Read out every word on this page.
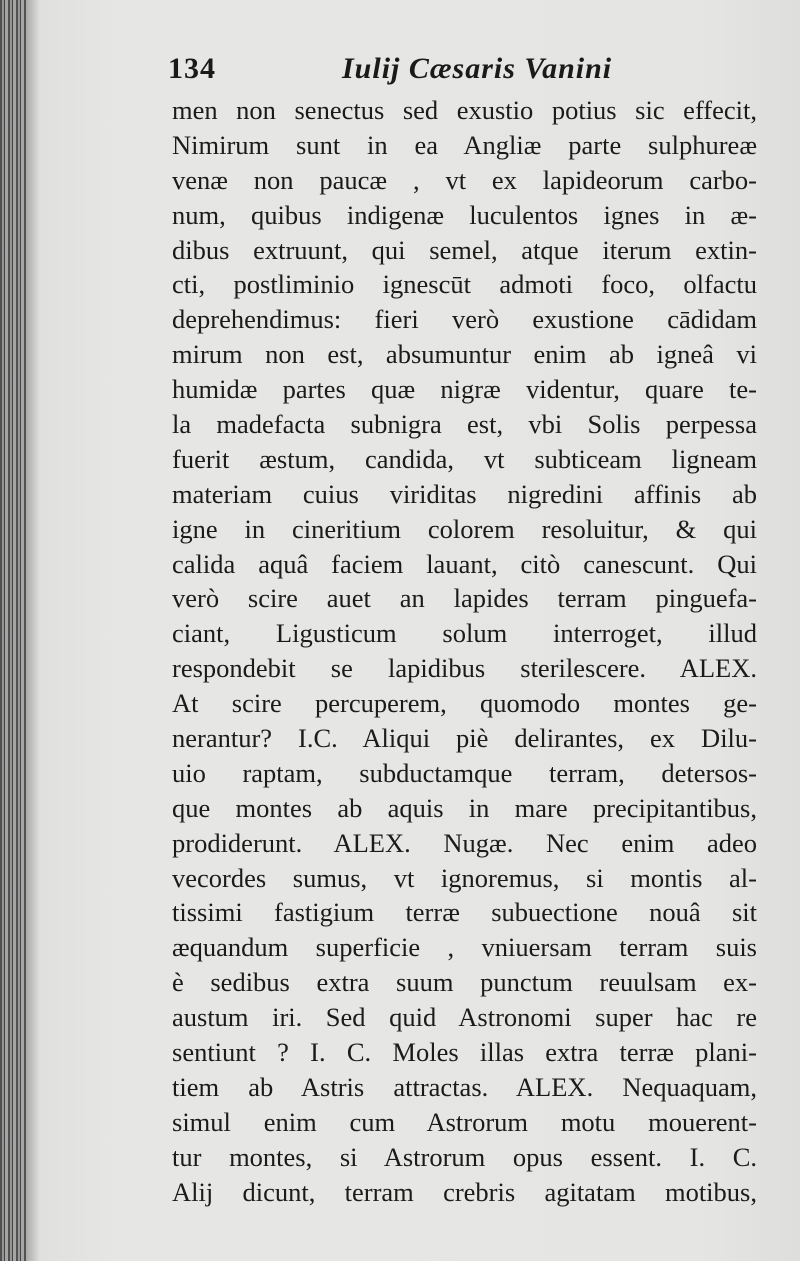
134	Iulij Cæsaris Vanini
men non senectus sed exustio potius sic effecit,
Nimirum sunt in ea Angliæ parte sulphureæ
venæ non paucæ , vt ex lapideorum carbo-
num, quibus indigenæ luculentos ignes in æ-
dibus extruunt, qui semel, atque iterum extin-
cti, postliminio ignescūt admoti foco, olfactu
deprehendimus: fieri verò exustione cādidam
mirum non est, absumuntur enim ab igneâ vi
humidæ partes quæ nigræ videntur, quare te-
la madefacta subnigra est, vbi Solis perpessa
fuerit æstum, candida, vt subticeam ligneam
materiam cuius viriditas nigredini affinis ab
igne in cineritium colorem resoluitur, & qui
calida aquâ faciem lauant, citò canescunt. Qui
verò scire auet an lapides terram pinguefa-
ciant, Ligusticum solum interroget, illud
respondebit se lapidibus sterilescere. ALEX.
At scire percuperem, quomodo montes ge-
nerantur? I.C. Aliqui piè delirantes, ex Dilu-
uio raptam, subductamque terram, detersos-
que montes ab aquis in mare precipitantibus,
prodiderunt. ALEX. Nugæ. Nec enim adeo
vecordes sumus, vt ignoremus, si montis al-
tissimi fastigium terræ subuectione nouâ sit
æquandum superficie , vniuersam terram suis
è sedibus extra suum punctum reuulsam ex-
austum iri. Sed quid Astronomi super hac re
sentiunt ? I. C. Moles illas extra terræ plani-
tiem ab Astris attractas. ALEX. Nequaquam,
simul enim cum Astrorum motu mouerent-
tur montes, si Astrorum opus essent. I. C.
Alij dicunt, terram crebris agitatam motibus,
